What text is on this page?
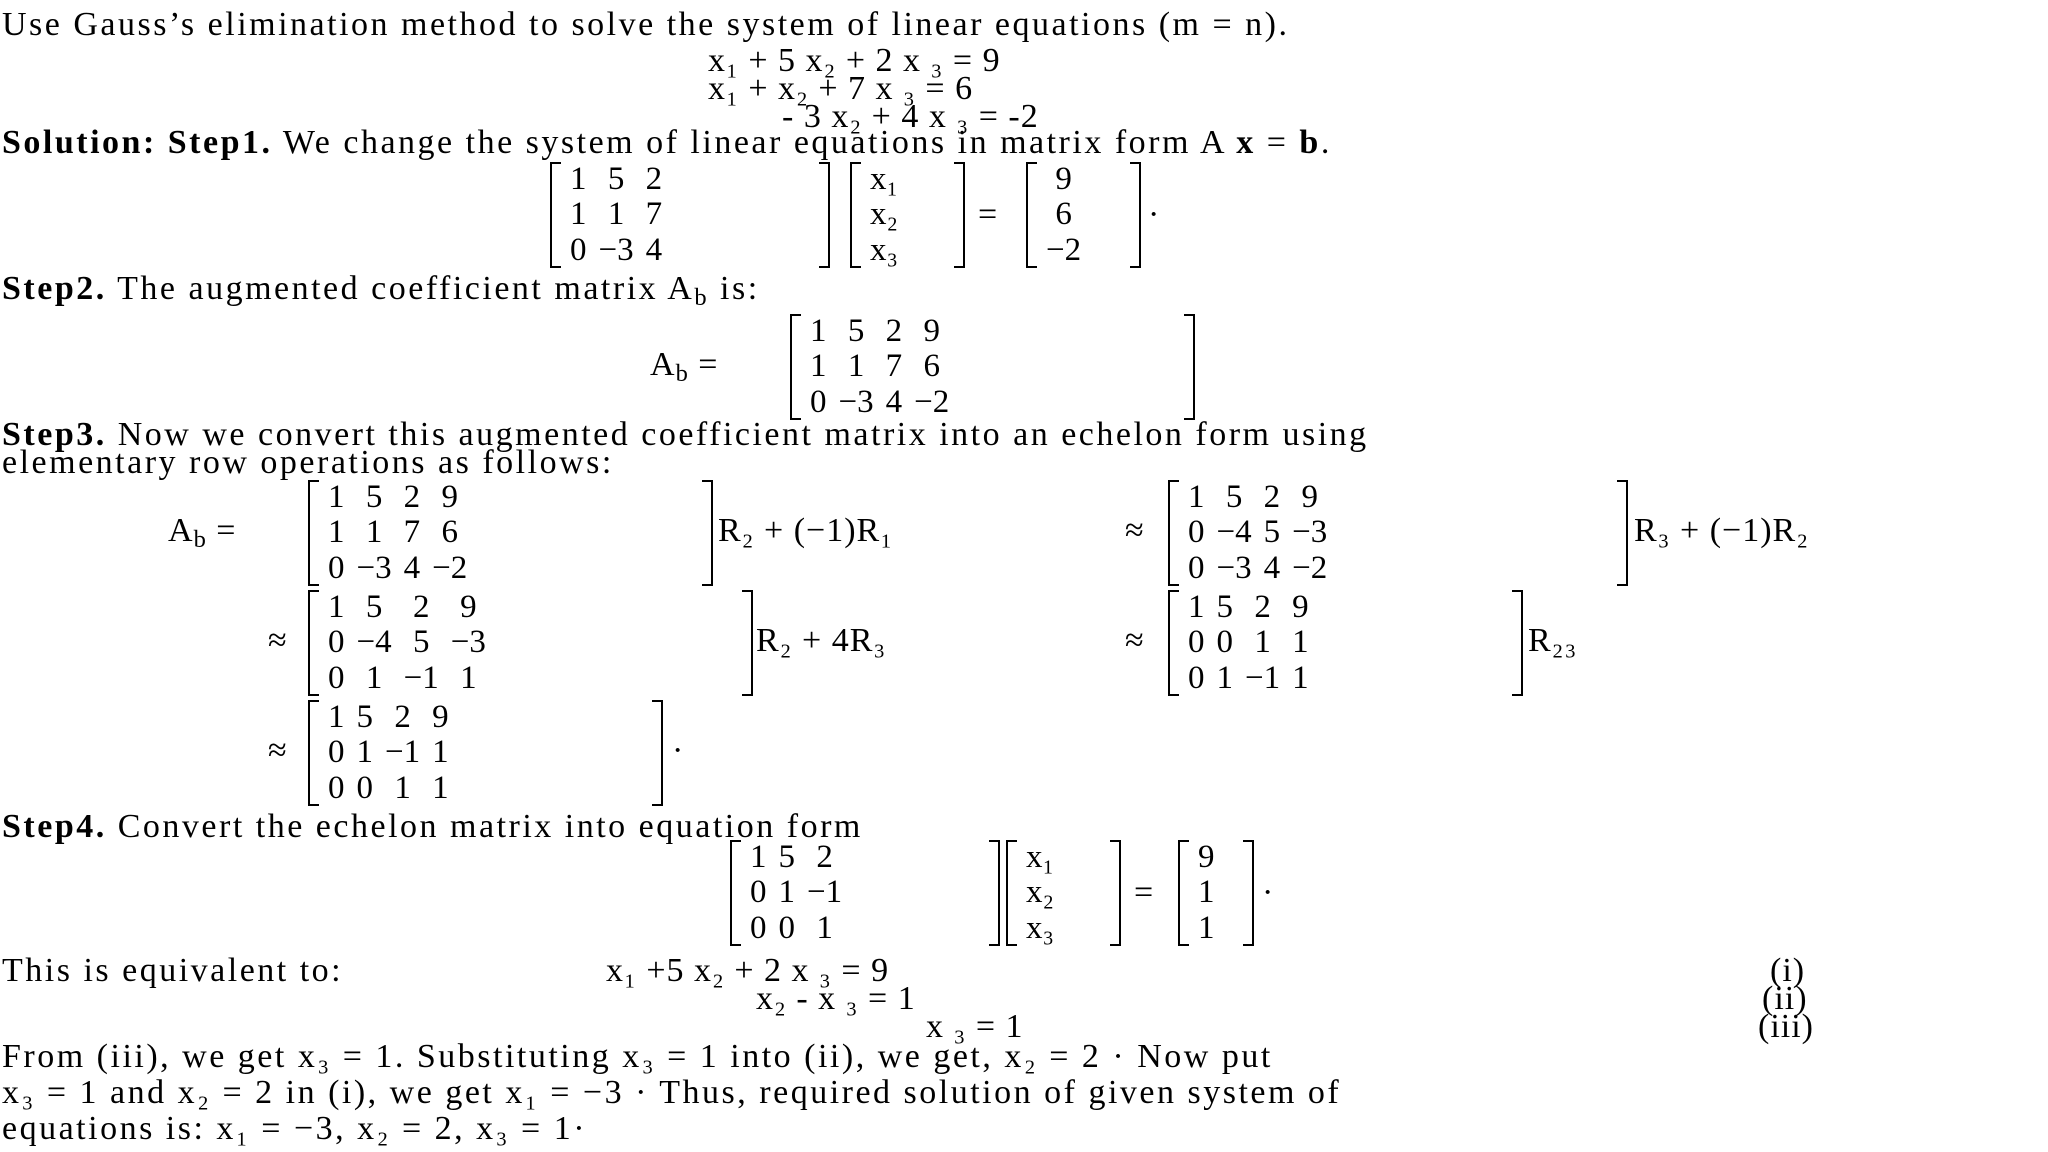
Use Gauss’s elimination method to solve the system of linear equations (m = n).
x₁ + 5 x₂ + 2 x ₃ = 9
x₁ + x₂ + 7 x ₃ = 6
- 3 x₂ + 4 x ₃ = -2
Solution: Step1. We change the system of linear equations in matrix form A x = b.
1	5	2
1	1	7
0	−3	4
x₁
x₂
x₃
=
9
6
−2
·
Step2. The augmented coefficient matrix $A_b$ is:
$A_b$ =
1	5	2	9
1	1	7	6
0	−3	4	−2
Step3. Now we convert this augmented coefficient matrix into an echelon form using
elementary row operations as follows:
$A_b$ =
1	5	2	9
1	1	7	6
0	−3	4	−2
R₂ + (−1)R₁	≈
1	5	2	9
0	−4	5	−3
0	−3	4	−2
R₃ + (−1)R₂
≈
1	5	2	9
0	−4	5	−3
0	1	−1	1
R₂ + 4R₃	≈
1	5	2	9
0	0	1	1
0	1	−1	1
R₂₃
≈
1	5	2	9
0	1	−1	1
0	0	1	1
·
Step4. Convert the echelon matrix into equation form
1	5	2
0	1	−1
0	0	1
x₁
x₂
x₃
=
9
1
1
·
This is equivalent to:	x₁ +5 x₂ + 2 x ₃ = 9
x₂ - x ₃ = 1
x ₃ = 1
(i)
(ii)
(iii)
From (iii), we get x₃ = 1. Substituting x₃ = 1 into (ii), we get, x₂ = 2 · Now put
x₃ = 1 and x₂ = 2 in (i), we get x₁ = −3 · Thus, required solution of given system of
equations is: x₁ = −3, x₂ = 2, x₃ = 1·
